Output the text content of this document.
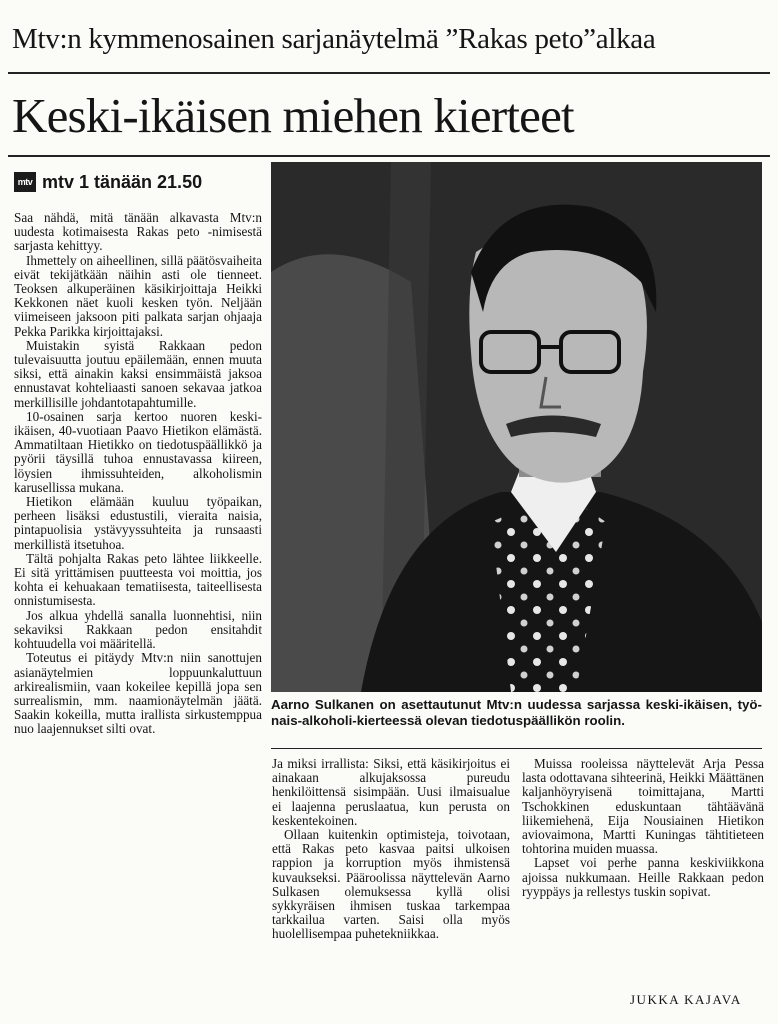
Mtv:n kymmenosainen sarjanäytelmä ”Rakas peto”alkaa
Keski-ikäisen miehen kierteet
mtv mtv 1 tänään 21.50

Saa nähdä, mitä tänään alkavasta Mtv:n uudesta kotimaisesta Rakas peto -nimisestä sarjasta kehittyy.

Ihmettely on aiheellinen, sillä päätösvaiheita eivät tekijätkään näihin asti ole tienneet. Teoksen alkuperäinen käsikirjoittaja Heikki Kekkonen näet kuoli kesken työn. Neljään viimeiseen jaksoon piti palkata sarjan ohjaaja Pekka Parikka kirjoittajaksi.

Muistakin syistä Rakkaan pedon tulevaisuutta joutuu epäilemään, ennen muuta siksi, että ainakin kaksi ensimmäistä jaksoa ennustavat kohteliaasti sanoen sekavaa jatkoa merkillisille johdantotapahtumille.

10-osainen sarja kertoo nuoren keski-ikäisen, 40-vuotiaan Paavo Hietikon elämästä. Ammatiltaan Hietikko on tiedotuspäällikkö ja pyörii täysillä tuhoa ennustavassa kiireen, löysien ihmissuhteiden, alkoholismin karusellissa mukana.

Hietikon elämään kuuluu työpaikan, perheen lisäksi edustustili, vieraita naisia, pintapuolisia ystävyyssuhteita ja runsaasti merkillistä itsetuhoa.

Tältä pohjalta Rakas peto lähtee liikkeelle. Ei sitä yrittämisen puutteesta voi moittia, jos kohta ei kehuakaan tematiisesta, taiteellisesta onnistumisesta.

Jos alkua yhdellä sanalla luonnehtisi, niin sekaviksi Rakkaan pedon ensitahdit kohtuudella voi määritellä.

Toteutus ei pitäydy Mtv:n niin sanottujen asianäytelmien loppuunkaluttuun arkirealismiin, vaan kokeilee kepillä jopa sen surrealismin, mm. naamionäytelmän jäätä. Saakin kokeilla, mutta irallista sirkustemppua nuo laajennukset silti ovat.

Aarno Sulkanen on asettautunut Mtv:n uudessa sarjassa keski-ikäisen, työ-nais-alkoholi-kierteessä olevan tiedotuspäällikön roolin.

Ja miksi irrallista: Siksi, että käsikirjoitus ei ainakaan alkujaksossa pureudu henkilöittensä sisimpään. Uusi ilmaisualue ei laajenna peruslaatua, kun perusta on keskentekoinen.

Ollaan kuitenkin optimisteja, toivotaan, että Rakas peto kasvaa paitsi ulkoisen rappion ja korruption myös ihmistensä kuvaukseksi. Pääroolissa näyttelevän Aarno Sulkasen olemuksessa kyllä olisi sykkyräisen ihmisen tuskaa tarkempaa tarkkailua varten. Saisi olla myös huolellisempaa puhetekniikkaa.

Muissa rooleissa näyttelevät Arja Pessa lasta odottavana sihteerinä, Heikki Määttänen kaljanhöyryisenä toimittajana, Martti Tschokkinen eduskuntaan tähtäävänä liikemiehenä, Eija Nousiainen Hietikon aviovaimona, Martti Kuningas tähtitieteen tohtorina muiden muassa.

Lapset voi perhe panna keskiviikkona ajoissa nukkumaan. Heille Rakkaan pedon ryyppäys ja rellestys tuskin sopivat.

JUKKA KAJAVA
